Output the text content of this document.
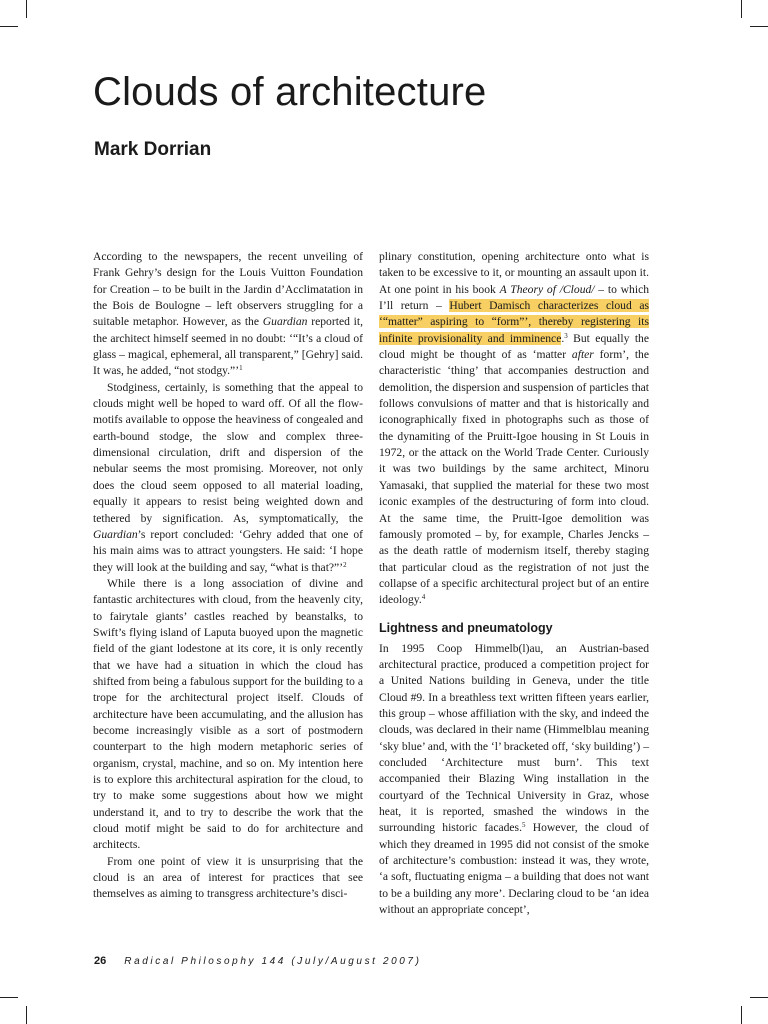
Clouds of architecture
Mark Dorrian

According to the newspapers, the recent unveiling of Frank Gehry’s design for the Louis Vuitton Foundation for Creation – to be built in the Jardin d’Acclimatation in the Bois de Boulogne – left observers struggling for a suitable metaphor. However, as the Guardian reported it, the architect himself seemed in no doubt: ‘“It’s a cloud of glass – magical, ephemeral, all transparent,” [Gehry] said. It was, he added, “not stodgy.”’$^1$

Stodginess, certainly, is something that the appeal to clouds might well be hoped to ward off. Of all the flow-motifs available to oppose the heaviness of congealed and earth-bound stodge, the slow and complex three-dimensional circulation, drift and dispersion of the nebular seems the most promising. Moreover, not only does the cloud seem opposed to all material loading, equally it appears to resist being weighted down and tethered by signification. As, symptomatically, the Guardian’s report concluded: ‘Gehry added that one of his main aims was to attract youngsters. He said: ‘I hope they will look at the building and say, “what is that?”’$^2$

While there is a long association of divine and fantastic architectures with cloud, from the heavenly city, to fairytale giants’ castles reached by beanstalks, to Swift’s flying island of Laputa buoyed upon the magnetic field of the giant lodestone at its core, it is only recently that we have had a situation in which the cloud has shifted from being a fabulous support for the building to a trope for the architectural project itself. Clouds of architecture have been accumulating, and the allusion has become increasingly visible as a sort of postmodern counterpart to the high modern metaphoric series of organism, crystal, machine, and so on. My intention here is to explore this architectural aspiration for the cloud, to try to make some suggestions about how we might understand it, and to try to describe the work that the cloud motif might be said to do for architecture and architects.

From one point of view it is unsurprising that the cloud is an area of interest for practices that see themselves as aiming to transgress architecture’s disci-

plinary constitution, opening architecture onto what is taken to be excessive to it, or mounting an assault upon it. At one point in his book A Theory of /Cloud/ – to which I’ll return – Hubert Damisch characterizes cloud as ‘“matter” aspiring to “form”’, thereby registering its infinite provisionality and imminence.$^3$ But equally the cloud might be thought of as ‘matter after form’, the characteristic ‘thing’ that accompanies destruction and demolition, the dispersion and suspension of particles that follows convulsions of matter and that is historically and iconographically fixed in photographs such as those of the dynamiting of the Pruitt-Igoe housing in St Louis in 1972, or the attack on the World Trade Center. Curiously it was two buildings by the same architect, Minoru Yamasaki, that supplied the material for these two most iconic examples of the destructuring of form into cloud. At the same time, the Pruitt-Igoe demolition was famously promoted – by, for example, Charles Jencks – as the death rattle of modernism itself, thereby staging that particular cloud as the registration of not just the collapse of a specific architectural project but of an entire ideology.$^4$

Lightness and pneumatology

In 1995 Coop Himmelb(l)au, an Austrian-based architectural practice, produced a competition project for a United Nations building in Geneva, under the title Cloud #9. In a breathless text written fifteen years earlier, this group – whose affiliation with the sky, and indeed the clouds, was declared in their name (Himmelblau meaning ‘sky blue’ and, with the ‘l’ bracketed off, ‘sky building’) – concluded ‘Architecture must burn’. This text accompanied their Blazing Wing installation in the courtyard of the Technical University in Graz, whose heat, it is reported, smashed the windows in the surrounding historic facades.$^5$ However, the cloud of which they dreamed in 1995 did not consist of the smoke of architecture’s combustion: instead it was, they wrote, ‘a soft, fluctuating enigma – a building that does not want to be a building any more’. Declaring cloud to be ‘an idea without an appropriate concept’,

26 Radical Philosophy 144 (July/August 2007)
